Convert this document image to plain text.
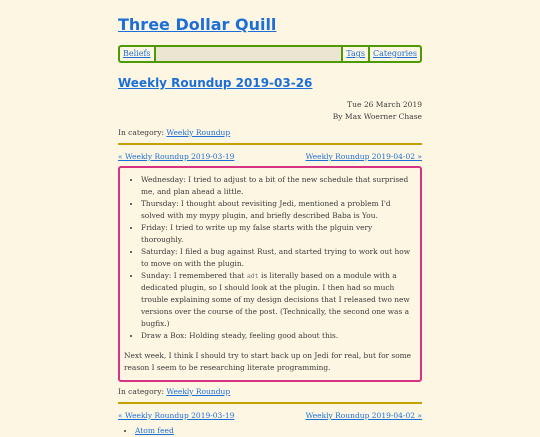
Three Dollar Quill
Beliefs	Tags	Categories
Weekly Roundup 2019-03-26
Tue 26 March 2019
By Max Woerner Chase
In category: Weekly Roundup
« Weekly Roundup 2019-03-19	Weekly Roundup 2019-04-02 »
• Wednesday: I tried to adjust to a bit of the new schedule that surprised me, and plan ahead a little.
• Thursday: I thought about revisiting Jedi, mentioned a problem I'd solved with my mypy plugin, and briefly described Baba is You.
• Friday: I tried to write up my false starts with the plguin very thoroughly.
• Saturday: I filed a bug against Rust, and started trying to work out how to move on with the plugin.
• Sunday: I remembered that adt is literally based on a module with a dedicated plugin, so I should look at the plugin. I then had so much trouble explaining some of my design decisions that I released two new versions over the course of the post. (Technically, the second one was a bugfix.)
• Draw a Box: Holding steady, feeling good about this.

Next week, I think I should try to start back up on Jedi for real, but for some reason I seem to be researching literate programming.

In category: Weekly Roundup
« Weekly Roundup 2019-03-19	Weekly Roundup 2019-04-02 »
• Atom feed
